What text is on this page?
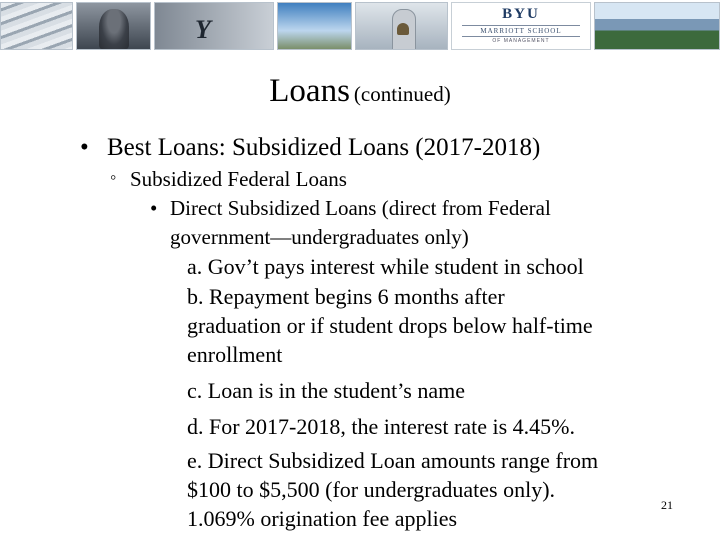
Y
BYU
MARRIOTT SCHOOL
OF MANAGEMENT
Loans (continued)
• Best Loans: Subsidized Loans (2017-2018)
◦ Subsidized Federal Loans
• Direct Subsidized Loans (direct from Federal
government—undergraduates only)
a. Gov’t pays interest while student in school
b. Repayment begins 6 months after
graduation or if student drops below half-time
enrollment
c. Loan is in the student’s name
d. For 2017-2018, the interest rate is 4.45%.
e. Direct Subsidized Loan amounts range from
$100 to $5,500 (for undergraduates only).
1.069% origination fee applies
21
